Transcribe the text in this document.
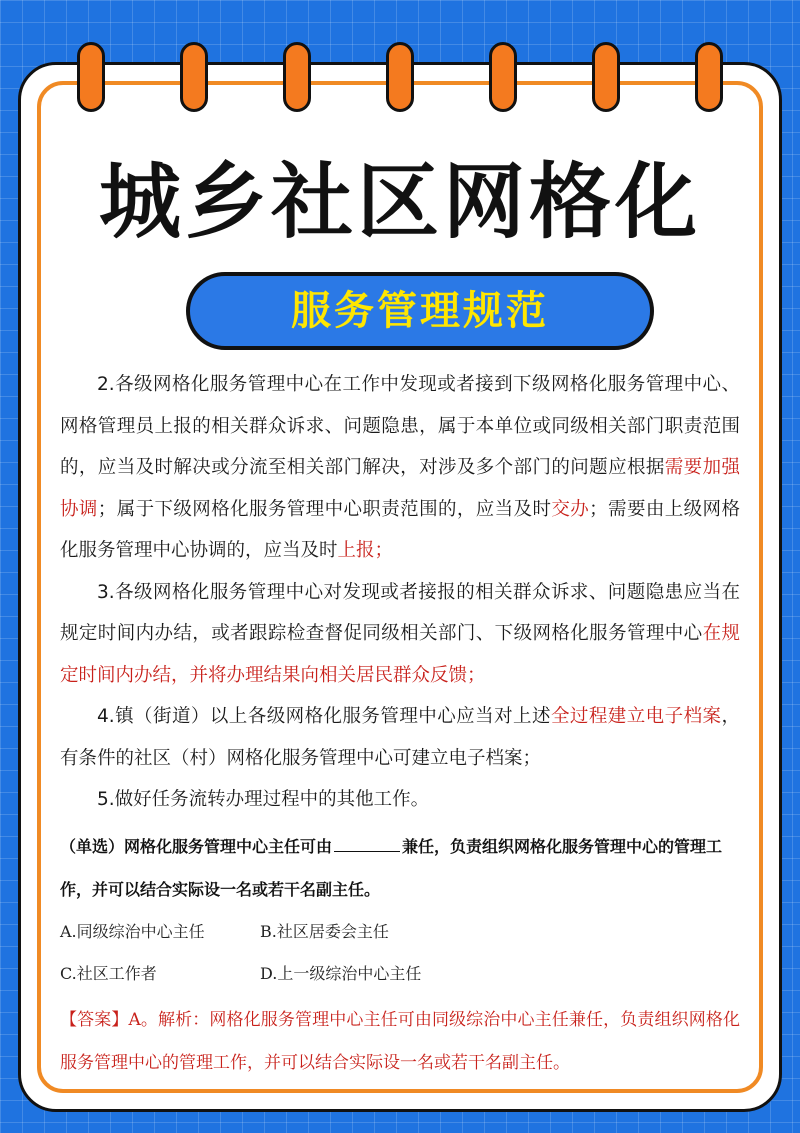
城乡社区网格化
服务管理规范

2.各级网格化服务管理中心在工作中发现或者接到下级网格化服务管理中心、网格管理员上报的相关群众诉求、问题隐患，属于本单位或同级相关部门职责范围的，应当及时解决或分流至相关部门解决，对涉及多个部门的问题应根据需要加强协调；属于下级网格化服务管理中心职责范围的，应当及时交办；需要由上级网格化服务管理中心协调的，应当及时上报；

3.各级网格化服务管理中心对发现或者接报的相关群众诉求、问题隐患应当在规定时间内办结，或者跟踪检查督促同级相关部门、下级网格化服务管理中心在规定时间内办结，并将办理结果向相关居民群众反馈；

4.镇（街道）以上各级网格化服务管理中心应当对上述全过程建立电子档案，有条件的社区（村）网格化服务管理中心可建立电子档案；

5.做好任务流转办理过程中的其他工作。

（单选）网格化服务管理中心主任可由	兼任，负责组织网格化服务管理中心的管理工作，并可以结合实际设一名或若干名副主任。

A.同级综治中心主任	B.社区居委会主任
C.社区工作者	D.上一级综治中心主任

【答案】A。解析：网格化服务管理中心主任可由同级综治中心主任兼任，负责组织网格化服务管理中心的管理工作，并可以结合实际设一名或若干名副主任。
